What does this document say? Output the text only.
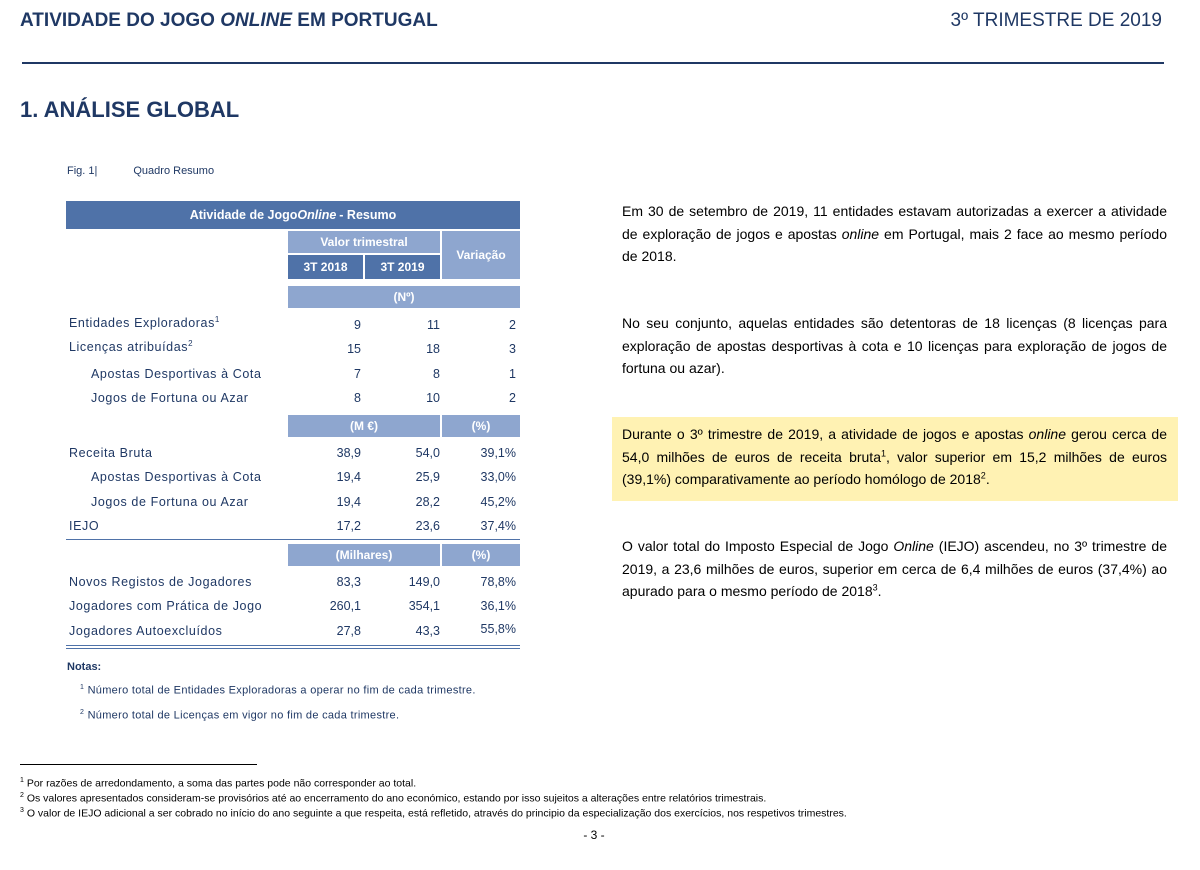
ATIVIDADE DO JOGO ONLINE EM PORTUGAL	3º TRIMESTRE DE 2019
1. ANÁLISE GLOBAL
Fig. 1|	Quadro Resumo
Atividade de Jogo Online - Resumo
Valor trimestral
Variação
3T 2018	3T 2019
(Nº)
Entidades Exploradoras$^1$	9	11	2
Licenças atribuídas$^2$	15	18	3
Apostas Desportivas à Cota	7	8	1
Jogos de Fortuna ou Azar	8	10	2
(M €)	(%)
Receita Bruta	38,9	54,0	39,1%
Apostas Desportivas à Cota	19,4	25,9	33,0%
Jogos de Fortuna ou Azar	19,4	28,2	45,2%
IEJO	17,2	23,6	37,4%
(Milhares)	(%)
Novos Registos de Jogadores	83,3	149,0	78,8%
Jogadores com Prática de Jogo	260,1	354,1	36,1%
Jogadores Autoexcluídos	27,8	43,3	55,8%
Notas:
$^1$ Número total de Entidades Exploradoras a operar no fim de cada trimestre.
$^2$ Número total de Licenças em vigor no fim de cada trimestre.
Em 30 de setembro de 2019, 11 entidades estavam autorizadas a exercer a atividade de exploração de jogos e apostas online em Portugal, mais 2 face ao mesmo período de 2018.
No seu conjunto, aquelas entidades são detentoras de 18 licenças (8 licenças para exploração de apostas desportivas à cota e 10 licenças para exploração de jogos de fortuna ou azar).
Durante o 3º trimestre de 2019, a atividade de jogos e apostas online gerou cerca de 54,0 milhões de euros de receita bruta$^1$, valor superior em 15,2 milhões de euros (39,1%) comparativamente ao período homólogo de 2018$^2$.
O valor total do Imposto Especial de Jogo Online (IEJO) ascendeu, no 3º trimestre de 2019, a 23,6 milhões de euros, superior em cerca de 6,4 milhões de euros (37,4%) ao apurado para o mesmo período de 2018$^3$.
$^1$ Por razões de arredondamento, a soma das partes pode não corresponder ao total.
$^2$ Os valores apresentados consideram-se provisórios até ao encerramento do ano económico, estando por isso sujeitos a alterações entre relatórios trimestrais.
$^3$ O valor de IEJO adicional a ser cobrado no início do ano seguinte a que respeita, está refletido, através do principio da especialização dos exercícios, nos respetivos trimestres.
- 3 -
